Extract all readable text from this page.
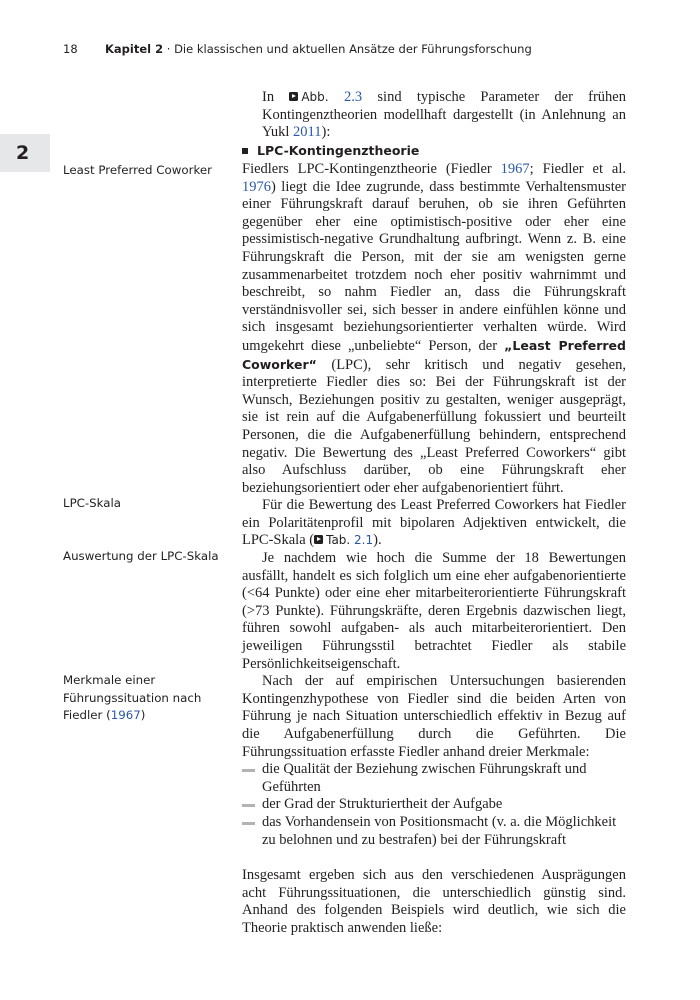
18 Kapitel 2 · Die klassischen und aktuellen Ansätze der Führungsforschung
2
Least Preferred Coworker
LPC-Skala
Auswertung der LPC-Skala
Merkmale einer Führungssituation nach Fiedler (1967)

In Abb. 2.3 sind typische Parameter der frühen Kontingenztheorien modellhaft dargestellt (in Anlehnung an Yukl 2011):

LPC-Kontingenztheorie

Fiedlers LPC-Kontingenztheorie (Fiedler 1967; Fiedler et al. 1976) liegt die Idee zugrunde, dass bestimmte Verhaltensmuster einer Führungskraft darauf beruhen, ob sie ihren Geführten gegenüber eher eine optimistisch-positive oder eher eine pessimistisch-negative Grundhaltung aufbringt. Wenn z. B. eine Führungskraft die Person, mit der sie am wenigsten gerne zusammenarbeitet trotzdem noch eher positiv wahrnimmt und beschreibt, so nahm Fiedler an, dass die Führungskraft verständnisvoller sei, sich besser in andere einfühlen könne und sich insgesamt beziehungsorientierter verhalten würde. Wird umgekehrt diese „unbeliebte“ Person, der „Least Preferred Coworker“ (LPC), sehr kritisch und negativ gesehen, interpretierte Fiedler dies so: Bei der Führungskraft ist der Wunsch, Beziehungen positiv zu gestalten, weniger ausgeprägt, sie ist rein auf die Aufgabenerfüllung fokussiert und beurteilt Personen, die die Aufgabenerfüllung behindern, entsprechend negativ. Die Bewertung des „Least Preferred Coworkers“ gibt also Aufschluss darüber, ob eine Führungskraft eher beziehungsorientiert oder eher aufgabenorientiert führt.

Für die Bewertung des Least Preferred Coworkers hat Fiedler ein Polaritätenprofil mit bipolaren Adjektiven entwickelt, die LPC-Skala ( Tab. 2.1).

Je nachdem wie hoch die Summe der 18 Bewertungen ausfällt, handelt es sich folglich um eine eher aufgabenorientierte (<64 Punkte) oder eine eher mitarbeiterorientierte Führungskraft (>73 Punkte). Führungskräfte, deren Ergebnis dazwischen liegt, führen sowohl aufgaben- als auch mitarbeiterorientiert. Den jeweiligen Führungsstil betrachtet Fiedler als stabile Persönlichkeitseigenschaft.

Nach der auf empirischen Untersuchungen basierenden Kontingenzhypothese von Fiedler sind die beiden Arten von Führung je nach Situation unterschiedlich effektiv in Bezug auf die Aufgabenerfüllung durch die Geführten. Die Führungssituation erfasste Fiedler anhand dreier Merkmale:

die Qualität der Beziehung zwischen Führungskraft und Geführten
der Grad der Strukturiertheit der Aufgabe
das Vorhandensein von Positionsmacht (v. a. die Möglichkeit zu belohnen und zu bestrafen) bei der Führungskraft

Insgesamt ergeben sich aus den verschiedenen Ausprägungen acht Führungssituationen, die unterschiedlich günstig sind. Anhand des folgenden Beispiels wird deutlich, wie sich die Theorie praktisch anwenden ließe:
